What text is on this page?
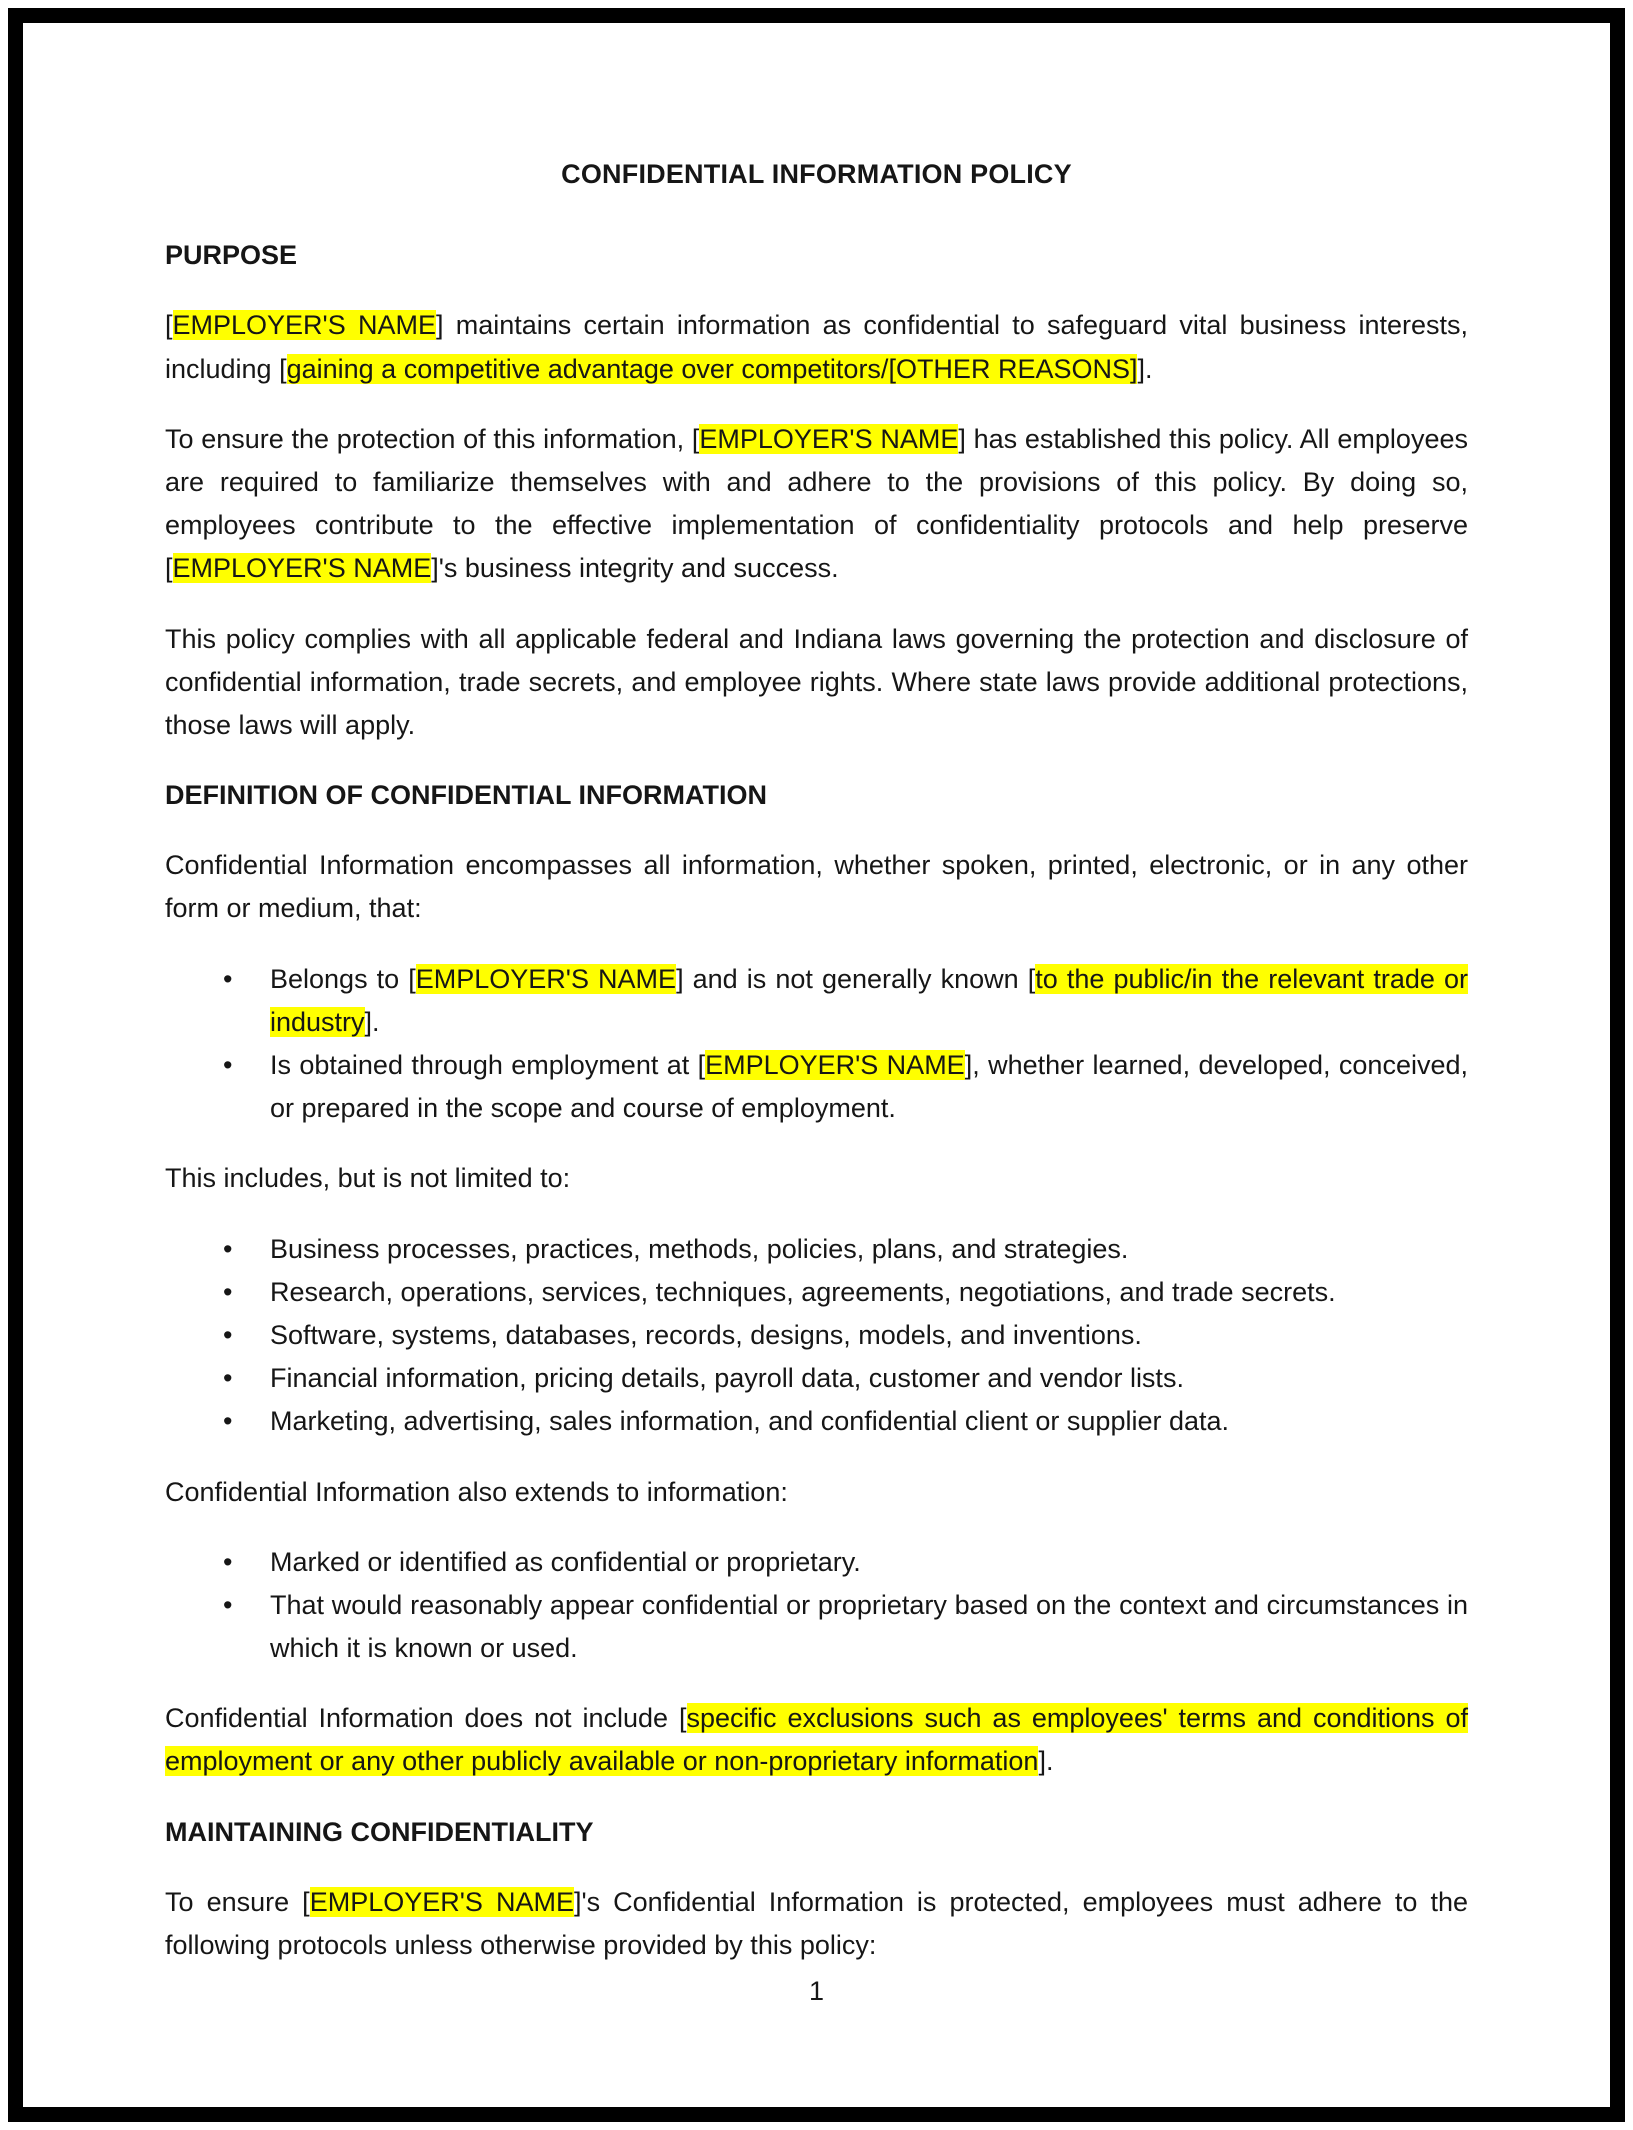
CONFIDENTIAL INFORMATION POLICY
PURPOSE
[EMPLOYER'S NAME] maintains certain information as confidential to safeguard vital business interests, including [gaining a competitive advantage over competitors/[OTHER REASONS]].
To ensure the protection of this information, [EMPLOYER'S NAME] has established this policy. All employees are required to familiarize themselves with and adhere to the provisions of this policy. By doing so, employees contribute to the effective implementation of confidentiality protocols and help preserve [EMPLOYER'S NAME]'s business integrity and success.
This policy complies with all applicable federal and Indiana laws governing the protection and disclosure of confidential information, trade secrets, and employee rights. Where state laws provide additional protections, those laws will apply.
DEFINITION OF CONFIDENTIAL INFORMATION
Confidential Information encompasses all information, whether spoken, printed, electronic, or in any other form or medium, that:
• Belongs to [EMPLOYER'S NAME] and is not generally known [to the public/in the relevant trade or industry].
• Is obtained through employment at [EMPLOYER'S NAME], whether learned, developed, conceived, or prepared in the scope and course of employment.
This includes, but is not limited to:
• Business processes, practices, methods, policies, plans, and strategies.
• Research, operations, services, techniques, agreements, negotiations, and trade secrets.
• Software, systems, databases, records, designs, models, and inventions.
• Financial information, pricing details, payroll data, customer and vendor lists.
• Marketing, advertising, sales information, and confidential client or supplier data.
Confidential Information also extends to information:
• Marked or identified as confidential or proprietary.
• That would reasonably appear confidential or proprietary based on the context and circumstances in which it is known or used.
Confidential Information does not include [specific exclusions such as employees' terms and conditions of employment or any other publicly available or non-proprietary information].
MAINTAINING CONFIDENTIALITY
To ensure [EMPLOYER'S NAME]'s Confidential Information is protected, employees must adhere to the following protocols unless otherwise provided by this policy:
1
